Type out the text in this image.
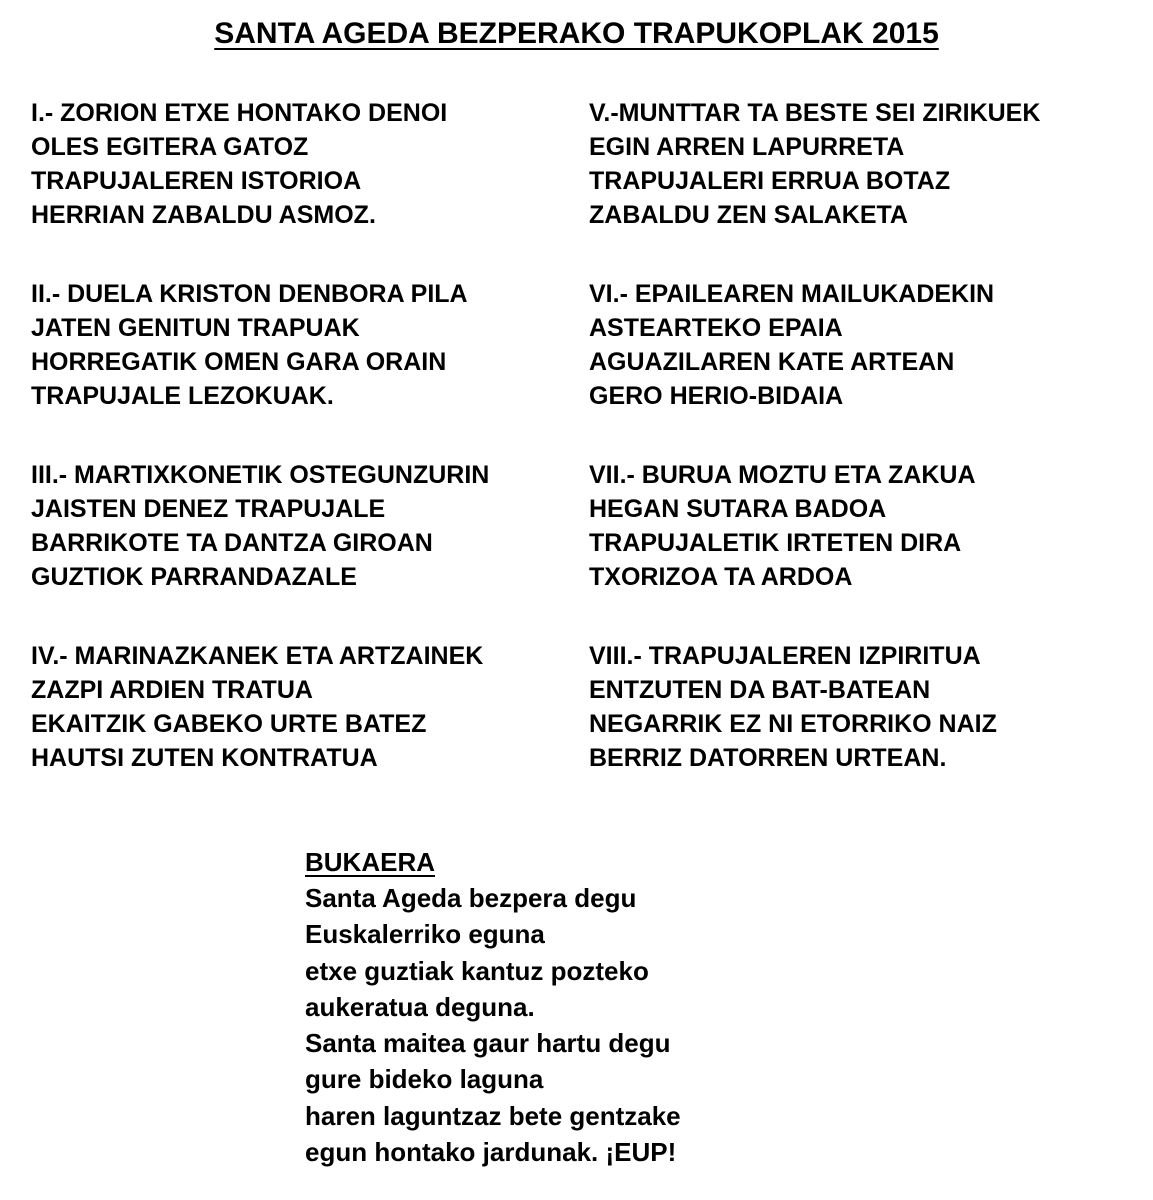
SANTA AGEDA BEZPERAKO TRAPUKOPLAK 2015
I.- ZORION ETXE HONTAKO DENOI
OLES EGITERA GATOZ
TRAPUJALEREN ISTORIOA
HERRIAN ZABALDU ASMOZ.
II.- DUELA KRISTON DENBORA PILA
JATEN GENITUN TRAPUAK
HORREGATIK OMEN GARA ORAIN
TRAPUJALE LEZOKUAK.
III.- MARTIXKONETIK OSTEGUNZURIN
JAISTEN DENEZ TRAPUJALE
BARRIKOTE TA DANTZA GIROAN
GUZTIOK PARRANDAZALE
IV.- MARINAZKANEK ETA ARTZAINEK
ZAZPI ARDIEN TRATUA
EKAITZIK GABEKO URTE BATEZ
HAUTSI ZUTEN KONTRATUA
V.-MUNTTAR TA BESTE SEI ZIRIKUEK
EGIN ARREN LAPURRETA
TRAPUJALERI ERRUA BOTAZ
ZABALDU ZEN SALAKETA
VI.- EPAILEAREN MAILUKADEKIN
ASTEARTEKO EPAIA
AGUAZILAREN KATE ARTEAN
GERO HERIO-BIDAIA
VII.- BURUA MOZTU ETA ZAKUA
HEGAN SUTARA BADOA
TRAPUJALETIK IRTETEN DIRA
TXORIZOA TA ARDOA
VIII.- TRAPUJALEREN IZPIRITUA
ENTZUTEN DA BAT-BATEAN
NEGARRIK EZ NI ETORRIKO NAIZ
BERRIZ DATORREN URTEAN.
BUKAERA
Santa Ageda bezpera degu
Euskalerriko eguna
etxe guztiak kantuz pozteko
aukeratua deguna.
Santa maitea gaur hartu degu
gure bideko laguna
haren laguntzaz bete gentzake
egun hontako jardunak. ¡EUP!
